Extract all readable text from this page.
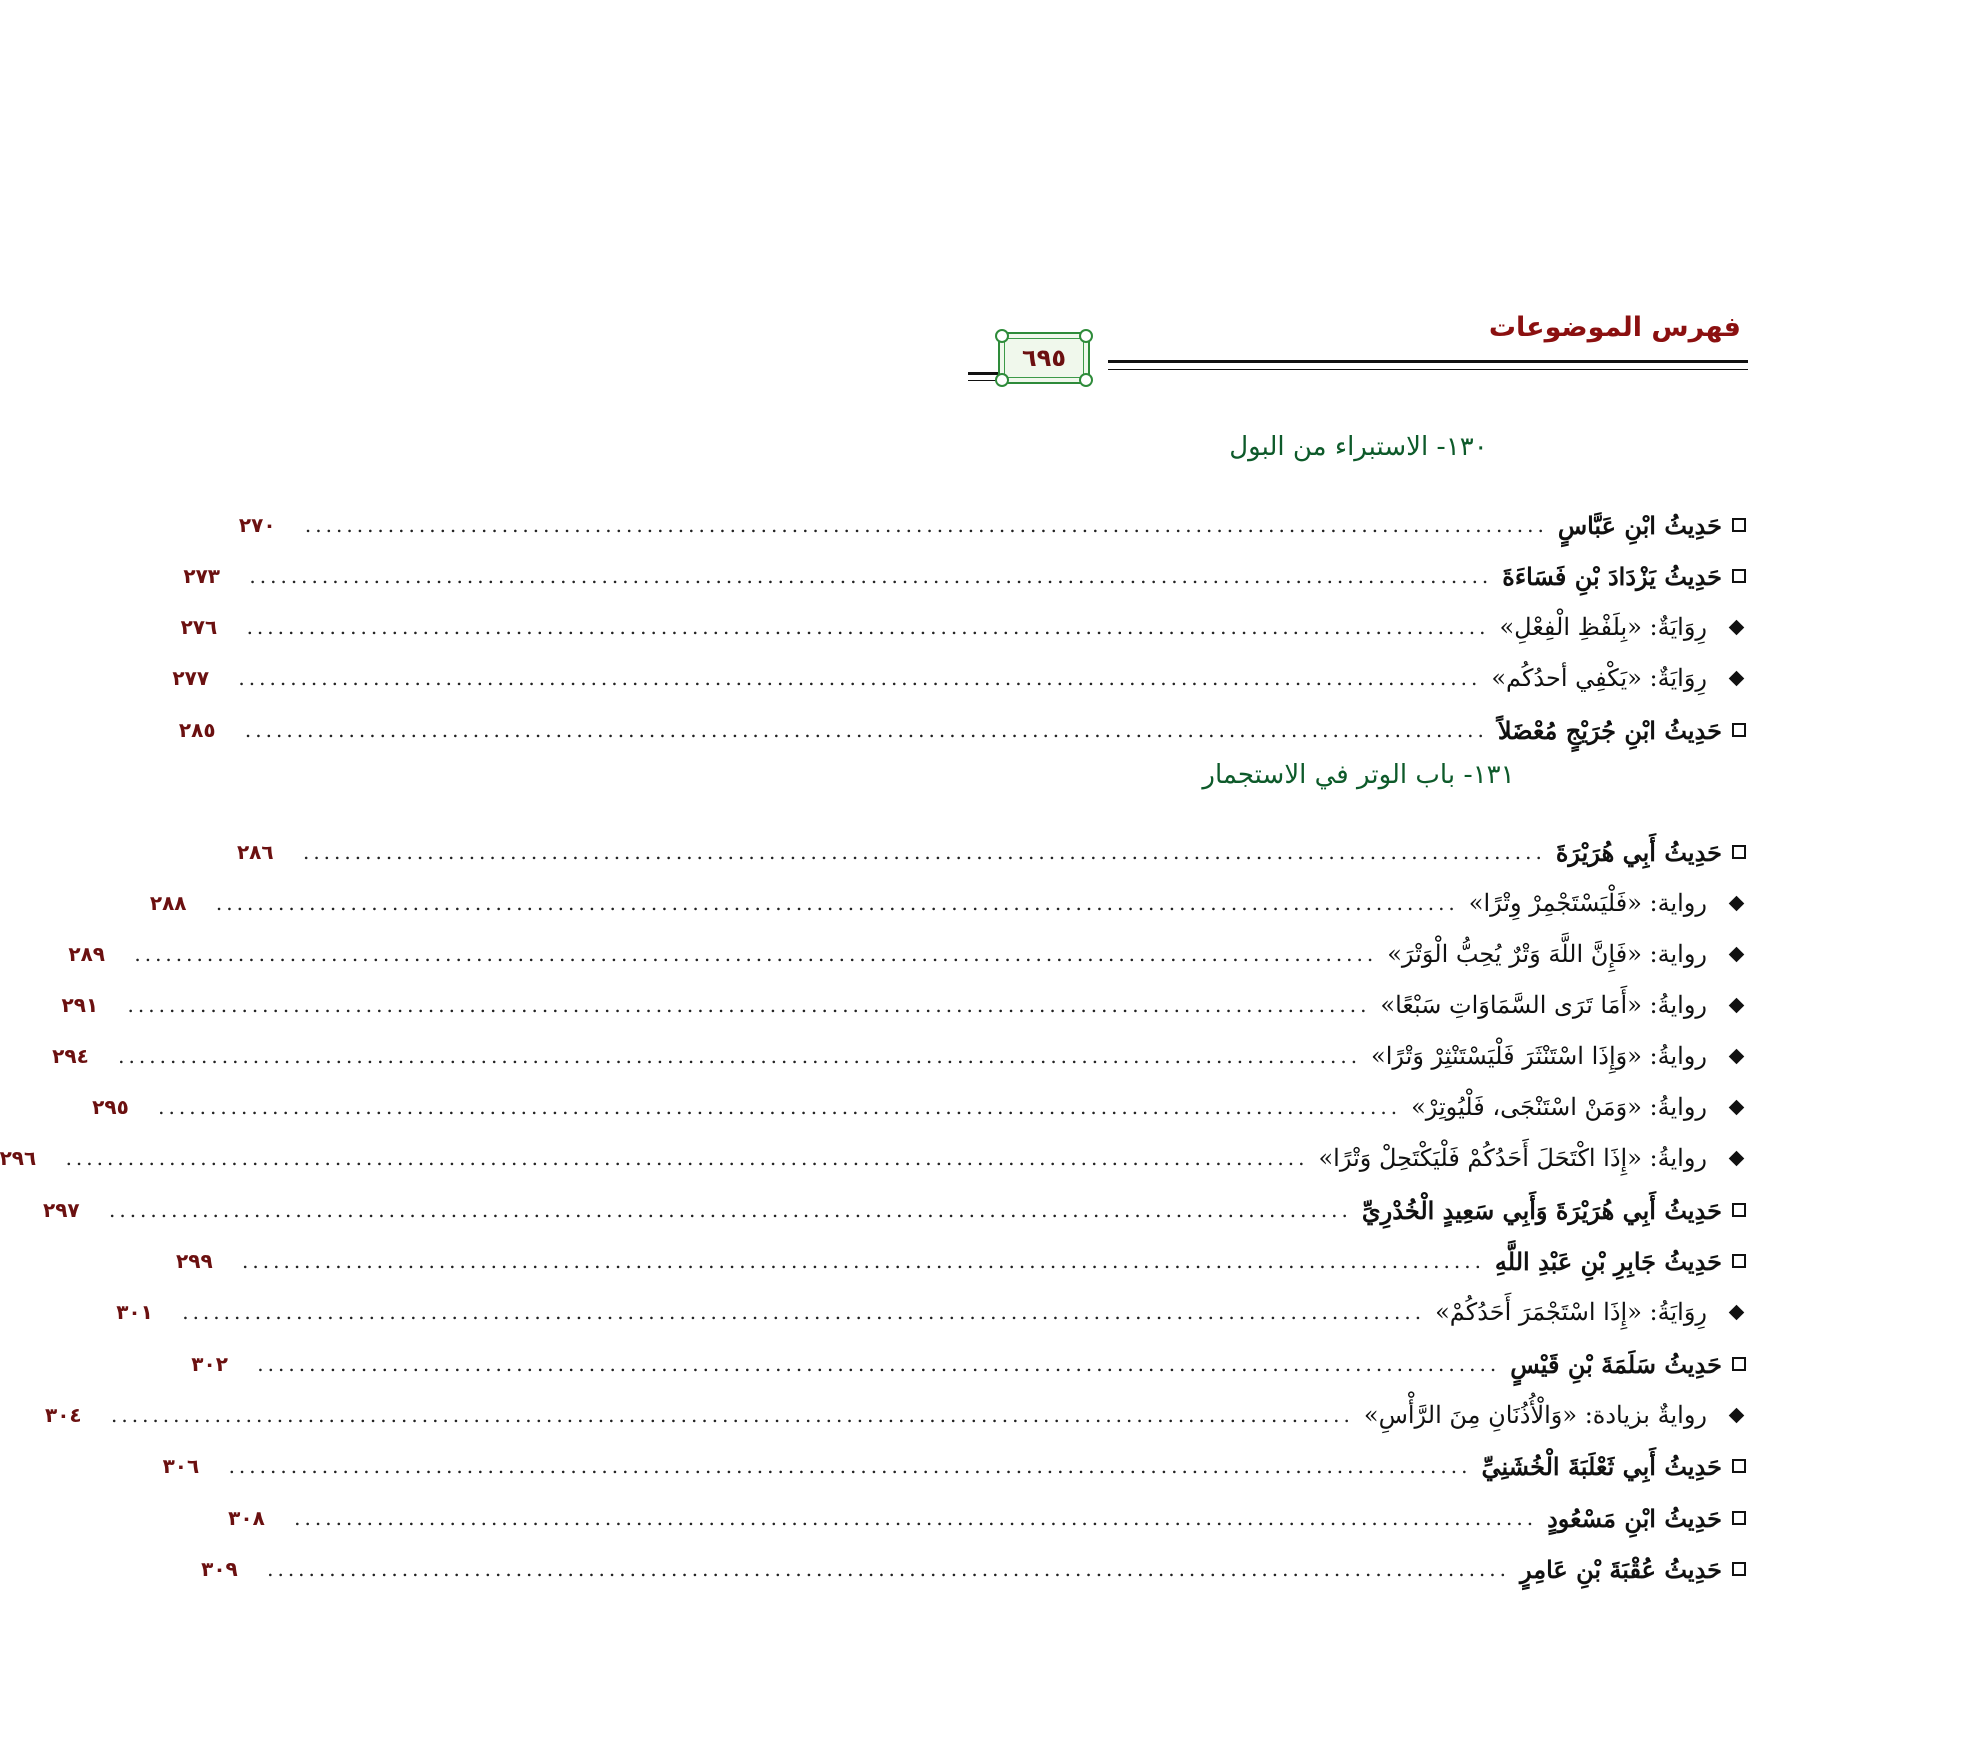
فهرس الموضوعات
٦٩٥
حَدِيثُ ابْنِ عَبَّاسٍ
........................................................................................................................
٢٧٠
حَدِيثُ يَزْدَادَ بْنِ فَسَاءَةَ
........................................................................................................................
٢٧٣
رِوَايَةٌ: «بِلَفْظِ الْفِعْلِ»
........................................................................................................................
٢٧٦
رِوَايَةٌ: «يَكْفِي أحدُكُم»
........................................................................................................................
٢٧٧
حَدِيثُ ابْنِ جُرَيْجٍ مُعْضَلاً
........................................................................................................................
٢٨٥
حَدِيثُ أَبِي هُرَيْرَةَ
........................................................................................................................
٢٨٦
رواية: «فَلْيَسْتَجْمِرْ وِتْرًا»
........................................................................................................................
٢٨٨
رواية: «فَإِنَّ اللَّهَ وَتْرٌ يُحِبُّ الْوَتْرَ»
........................................................................................................................
٢٨٩
روايةُ: «أَمَا تَرَى السَّمَاوَاتِ سَبْعًا»
........................................................................................................................
٢٩١
روايةُ: «وَإِذَا اسْتَنْثَرَ فَلْيَسْتَنْثِرْ وَتْرًا»
........................................................................................................................
٢٩٤
روايةُ: «وَمَنْ اسْتَنْجَى، فَلْيُوتِرْ»
........................................................................................................................
٢٩٥
روايةُ: «إِذَا اكْتَحَلَ أَحَدُكُمْ فَلْيَكْتَحِلْ وَتْرًا»
........................................................................................................................
٢٩٦
حَدِيثُ أَبِي هُرَيْرَةَ وَأَبِي سَعِيدٍ الْخُدْرِيِّ
........................................................................................................................
٢٩٧
حَدِيثُ جَابِرِ بْنِ عَبْدِ اللَّهِ
........................................................................................................................
٢٩٩
رِوَايَةُ: «إِذَا اسْتَجْمَرَ أَحَدُكُمْ»
........................................................................................................................
٣٠١
حَدِيثُ سَلَمَةَ بْنِ قَيْسٍ
........................................................................................................................
٣٠٢
روايةٌ بزيادة: «وَالْأُذُنَانِ مِنَ الرَّأْسِ»
........................................................................................................................
٣٠٤
حَدِيثُ أَبِي ثَعْلَبَةَ الْخُشَنِيِّ
........................................................................................................................
٣٠٦
حَدِيثُ ابْنِ مَسْعُودٍ
........................................................................................................................
٣٠٨
حَدِيثُ عُقْبَةَ بْنِ عَامِرٍ
........................................................................................................................
٣٠٩
١٣٠- الاستبراء من البول
١٣١- باب الوتر في الاستجمار
